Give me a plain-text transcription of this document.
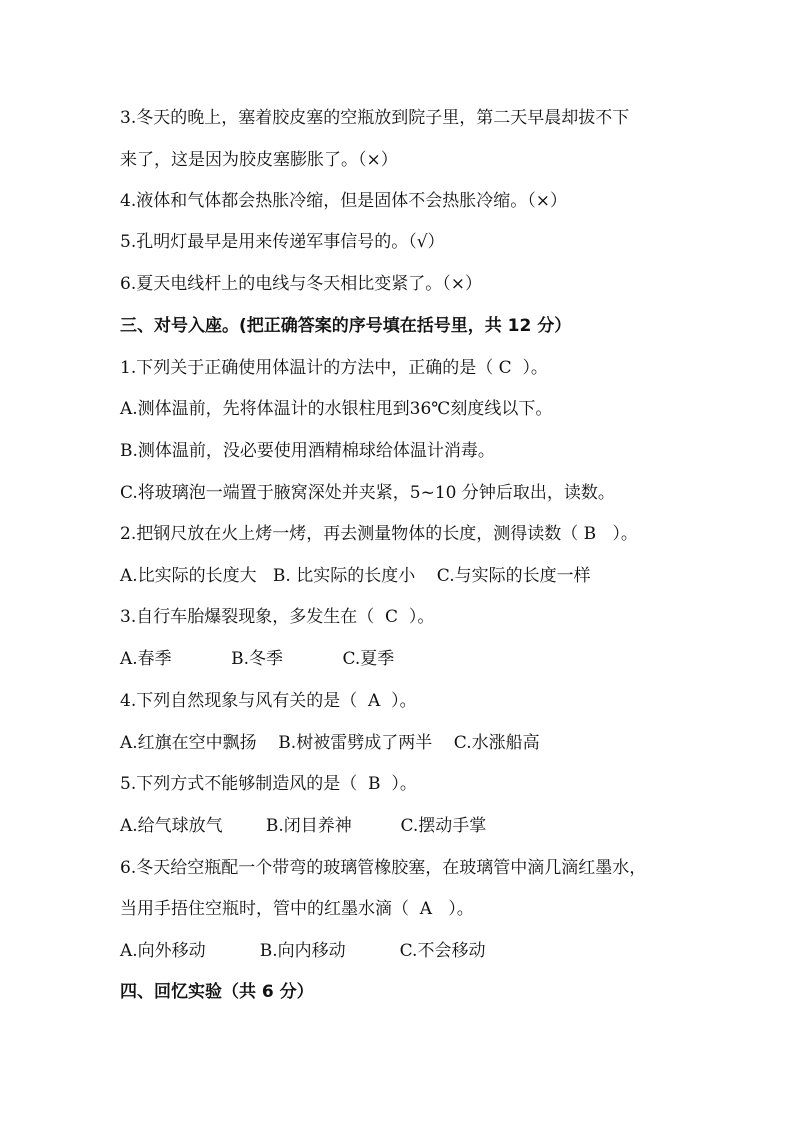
3.冬天的晚上，塞着胶皮塞的空瓶放到院子里，第二天早晨却拔不下
来了，这是因为胶皮塞膨胀了。（×）
4.液体和气体都会热胀冷缩，但是固体不会热胀冷缩。（×）
5.孔明灯最早是用来传递军事信号的。（√）
6.夏天电线杆上的电线与冬天相比变紧了。（×）
三、对号入座。(把正确答案的序号填在括号里，共 12 分）
1.下列关于正确使用体温计的方法中，正确的是（ C  ）。
A.测体温前，先将体温计的水银柱甩到36℃刻度线以下。
B.测体温前，没必要使用酒精棉球给体温计消毒。
C.将玻璃泡一端置于腋窝深处并夹紧，5~10 分钟后取出，读数。
2.把钢尺放在火上烤一烤，再去测量物体的长度，测得读数（ B   ）。
A.比实际的长度大   B. 比实际的长度小    C.与实际的长度一样
3.自行车胎爆裂现象，多发生在（  C  ）。
A.春季           B.冬季           C.夏季
4.下列自然现象与风有关的是（  A  ）。
A.红旗在空中飘扬    B.树被雷劈成了两半    C.水涨船高
5.下列方式不能够制造风的是（  B  ）。
A.给气球放气        B.闭目养神         C.摆动手掌
6.冬天给空瓶配一个带弯的玻璃管橡胶塞，在玻璃管中滴几滴红墨水，
当用手捂住空瓶时，管中的红墨水滴（  A   ）。
A.向外移动          B.向内移动          C.不会移动
四、回忆实验（共 6 分）
